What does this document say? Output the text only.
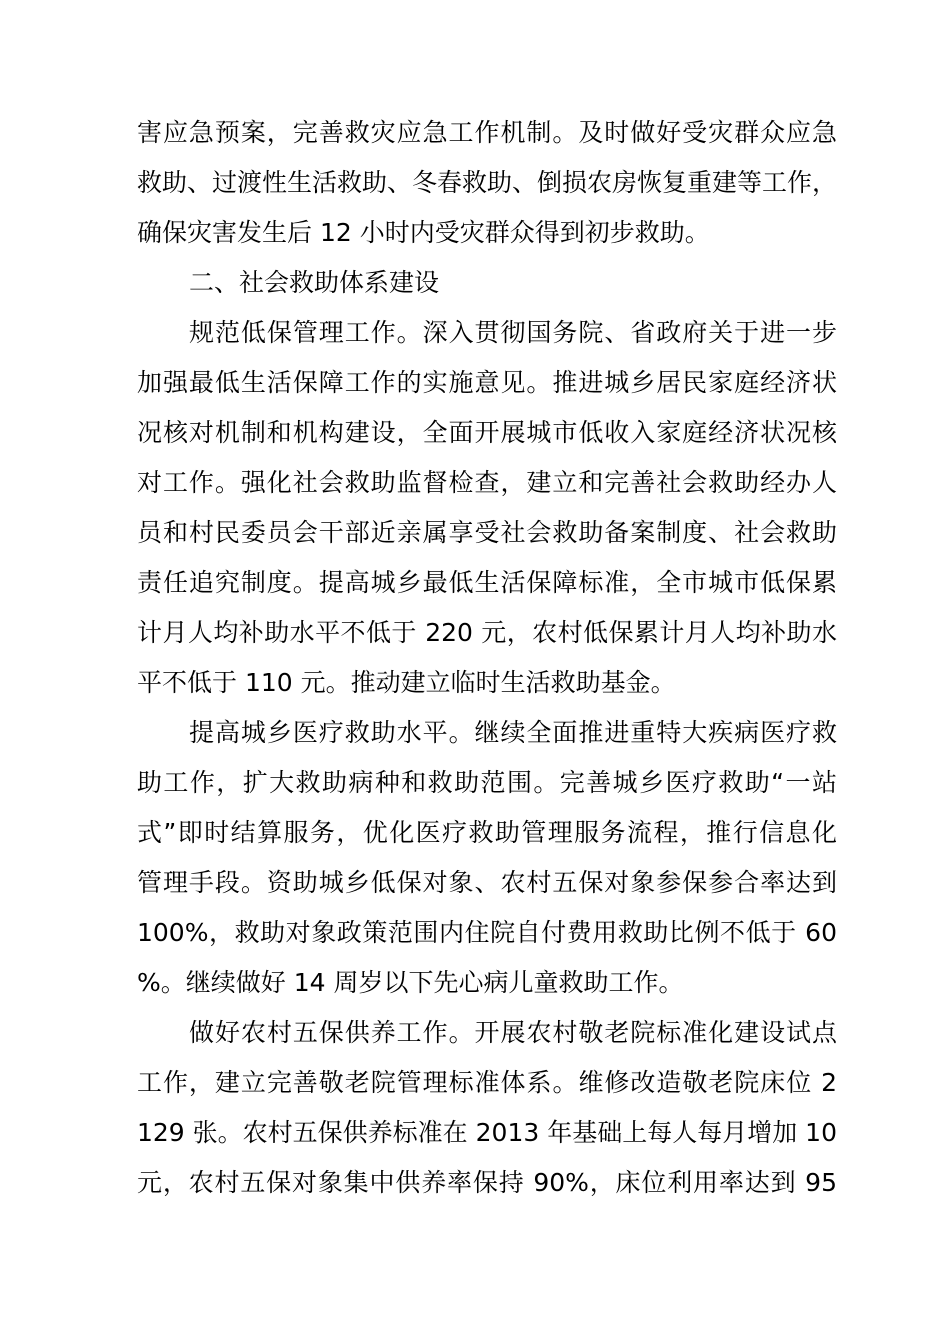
害应急预案，完善救灾应急工作机制。及时做好受灾群众应急
救助、过渡性生活救助、冬春救助、倒损农房恢复重建等工作，
确保灾害发生后 12 小时内受灾群众得到初步救助。
二、社会救助体系建设
规范低保管理工作。深入贯彻国务院、省政府关于进一步
加强最低生活保障工作的实施意见。推进城乡居民家庭经济状
况核对机制和机构建设，全面开展城市低收入家庭经济状况核
对工作。强化社会救助监督检查，建立和完善社会救助经办人
员和村民委员会干部近亲属享受社会救助备案制度、社会救助
责任追究制度。提高城乡最低生活保障标准，全市城市低保累
计月人均补助水平不低于 220 元，农村低保累计月人均补助水
平不低于 110 元。推动建立临时生活救助基金。
提高城乡医疗救助水平。继续全面推进重特大疾病医疗救
助工作，扩大救助病种和救助范围。完善城乡医疗救助“一站
式”即时结算服务，优化医疗救助管理服务流程，推行信息化
管理手段。资助城乡低保对象、农村五保对象参保参合率达到
100%，救助对象政策范围内住院自付费用救助比例不低于 60
%。继续做好 14 周岁以下先心病儿童救助工作。
做好农村五保供养工作。开展农村敬老院标准化建设试点
工作，建立完善敬老院管理标准体系。维修改造敬老院床位 2
129 张。农村五保供养标准在 2013 年基础上每人每月增加 10
元，农村五保对象集中供养率保持 90%，床位利用率达到 95
